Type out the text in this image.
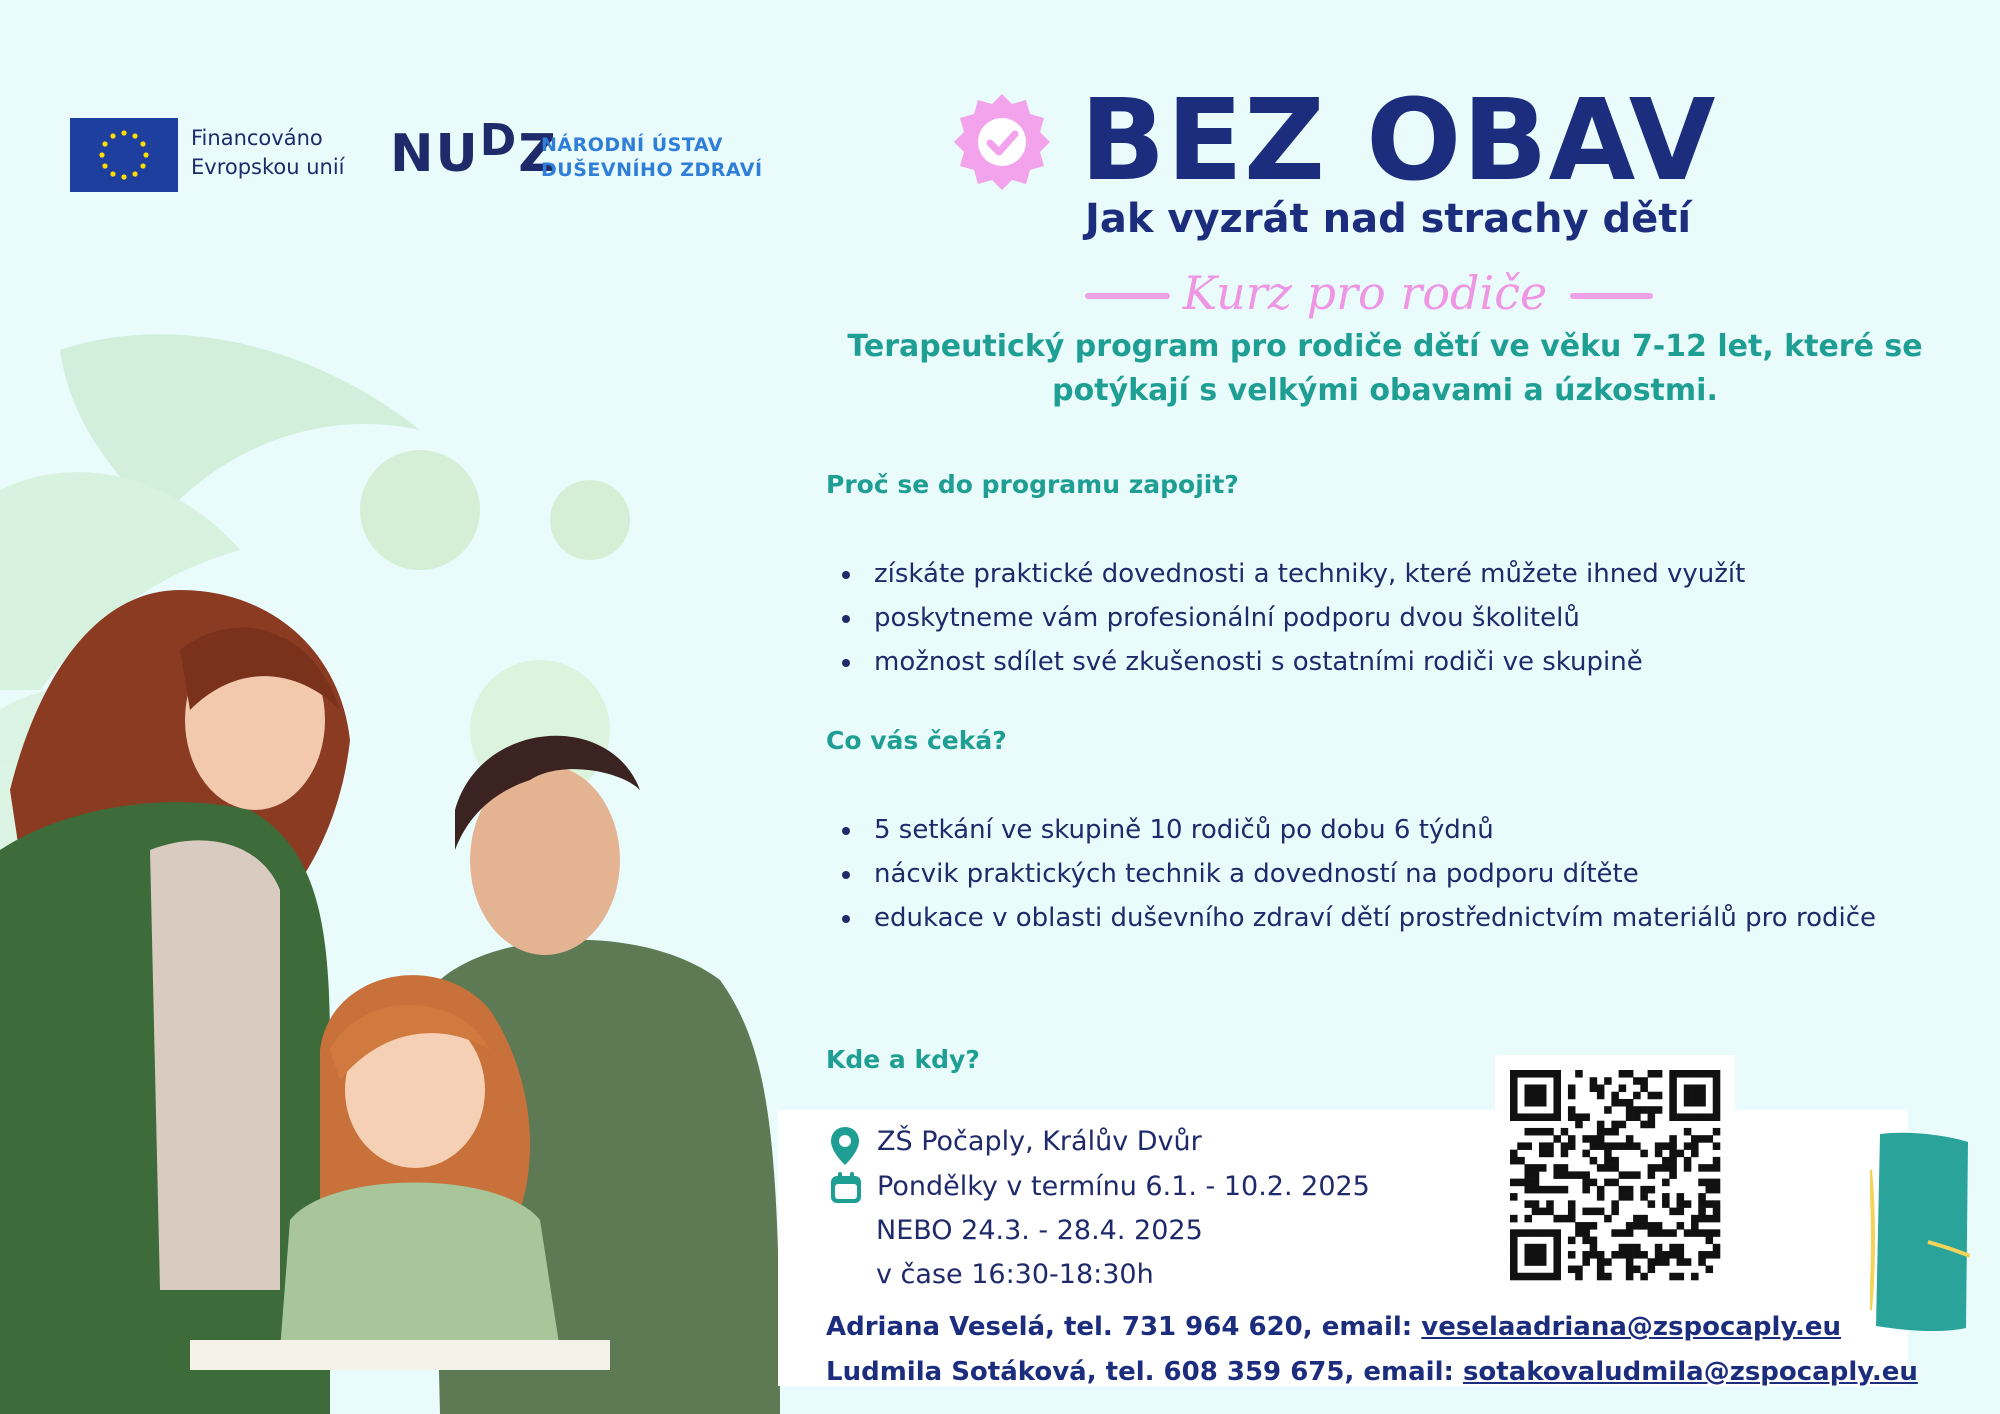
Financováno
Evropskou unií $NU^DZ$
NÁRODNÍ ÚSTAV
DUŠEVNÍHO ZDRAVÍ	BEZ OBAV
Jak vyzrát nad strachy dětí
Kurz pro rodiče
Terapeutický program pro rodiče dětí ve věku 7-12 let, které se potýkají s velkými obavami a úzkostmi.
Proč se do programu zapojit?
získáte praktické dovednosti a techniky, které můžete ihned využít
poskytneme vám profesionální podporu dvou školitelů
možnost sdílet své zkušenosti s ostatními rodiči ve skupině
Co vás čeká?
5 setkání ve skupině 10 rodičů po dobu 6 týdnů
nácvik praktických technik a dovedností na podporu dítěte
edukace v oblasti duševního zdraví dětí prostřednictvím materiálů pro rodiče
Kde a kdy?
ZŠ Počaply, Králův Dvůr
Pondělky v termínu 6.1. - 10.2. 2025
NEBO 24.3. - 28.4. 2025
v čase 16:30-18:30h
Adriana Veselá, tel. 731 964 620, email: veselaadriana@zspocaply.eu
Ludmila Sotáková, tel. 608 359 675, email: sotakovaludmila@zspocaply.eu
